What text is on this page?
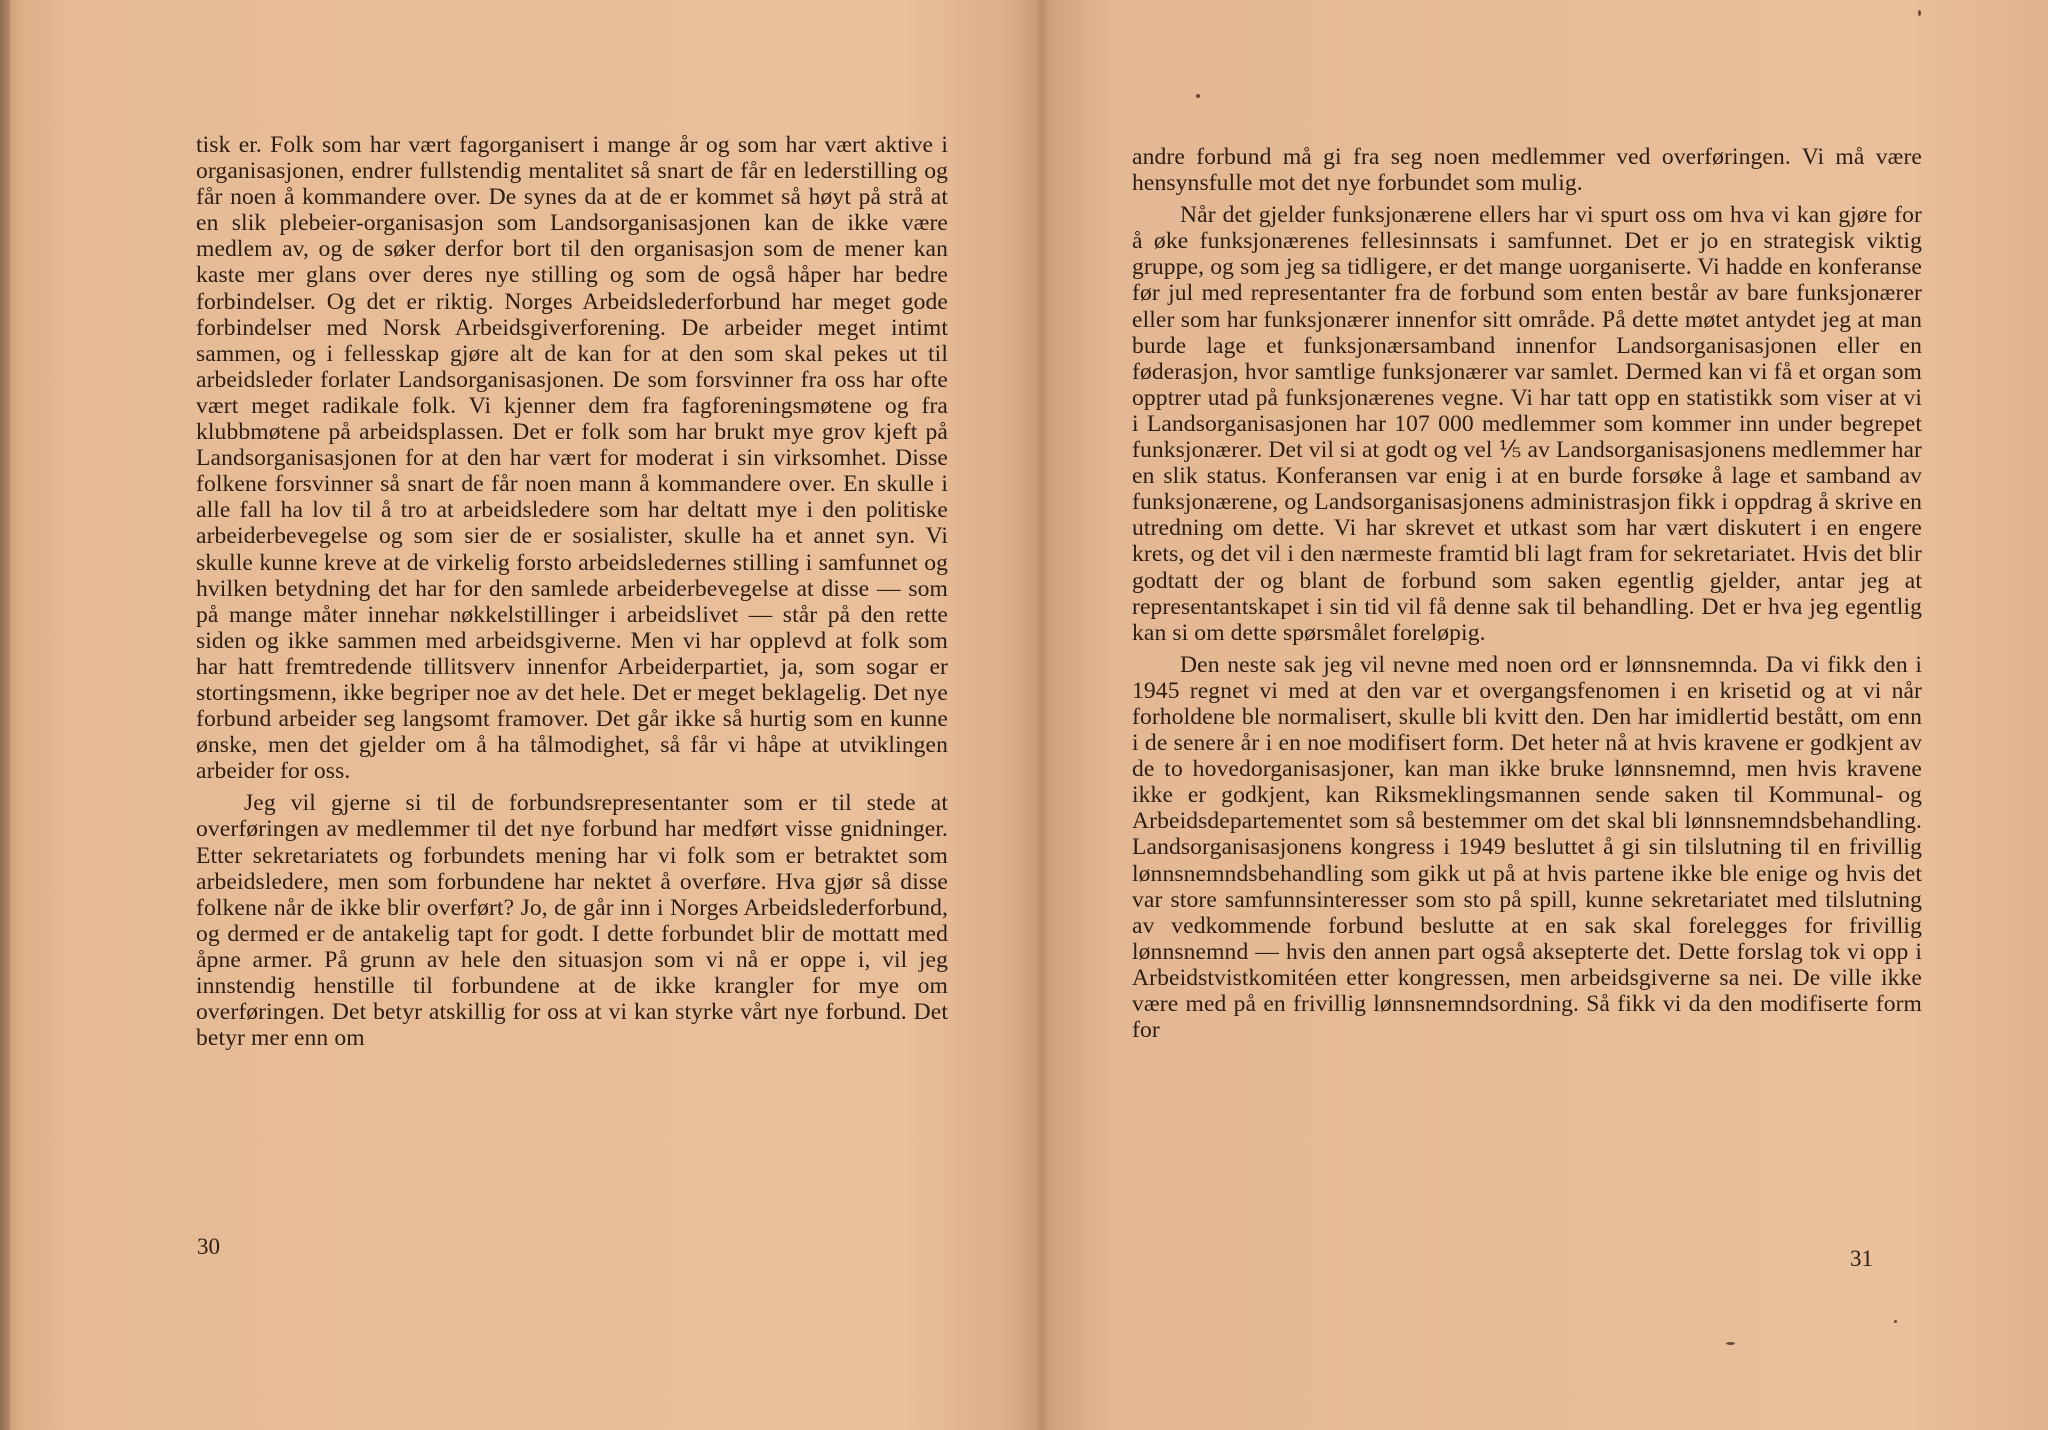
tisk er. Folk som har vært fagorganisert i mange år og som har vært aktive i organisasjonen, endrer fullstendig mentalitet så snart de får en lederstilling og får noen å kommandere over. De synes da at de er kommet så høyt på strå at en slik plebeier-organisasjon som Landsorganisasjonen kan de ikke være medlem av, og de søker derfor bort til den organisasjon som de mener kan kaste mer glans over deres nye stilling og som de også håper har bedre forbindelser. Og det er riktig. Norges Arbeidslederforbund har meget gode forbindelser med Norsk Arbeidsgiverforening. De arbeider meget intimt sammen, og i fellesskap gjøre alt de kan for at den som skal pekes ut til arbeidsleder forlater Landsorganisasjonen. De som forsvinner fra oss har ofte vært meget radikale folk. Vi kjenner dem fra fagforeningsmøtene og fra klubbmøtene på arbeidsplassen. Det er folk som har brukt mye grov kjeft på Landsorganisasjonen for at den har vært for moderat i sin virksomhet. Disse folkene forsvinner så snart de får noen mann å kommandere over. En skulle i alle fall ha lov til å tro at arbeidsledere som har deltatt mye i den politiske arbeiderbevegelse og som sier de er sosialister, skulle ha et annet syn. Vi skulle kunne kreve at de virkelig forsto arbeidsledernes stilling i samfunnet og hvilken betydning det har for den samlede arbeiderbevegelse at disse — som på mange måter innehar nøkkelstillinger i arbeidslivet — står på den rette siden og ikke sammen med arbeidsgiverne. Men vi har opplevd at folk som har hatt fremtredende tillitsverv innenfor Arbeiderpartiet, ja, som sogar er stortingsmenn, ikke begriper noe av det hele. Det er meget beklagelig. Det nye forbund arbeider seg langsomt framover. Det går ikke så hurtig som en kunne ønske, men det gjelder om å ha tålmodighet, så får vi håpe at utviklingen arbeider for oss.

Jeg vil gjerne si til de forbundsrepresentanter som er til stede at overføringen av medlemmer til det nye forbund har medført visse gnidninger. Etter sekretariatets og forbundets mening har vi folk som er betraktet som arbeidsledere, men som forbundene har nektet å overføre. Hva gjør så disse folkene når de ikke blir overført? Jo, de går inn i Norges Arbeidslederforbund, og dermed er de antakelig tapt for godt. I dette forbundet blir de mottatt med åpne armer. På grunn av hele den situasjon som vi nå er oppe i, vil jeg innstendig henstille til forbundene at de ikke krangler for mye om overføringen. Det betyr atskillig for oss at vi kan styrke vårt nye forbund. Det betyr mer enn om

30

andre forbund må gi fra seg noen medlemmer ved overføringen. Vi må være hensynsfulle mot det nye forbundet som mulig.

Når det gjelder funksjonærene ellers har vi spurt oss om hva vi kan gjøre for å øke funksjonærenes fellesinnsats i samfunnet. Det er jo en strategisk viktig gruppe, og som jeg sa tidligere, er det mange uorganiserte. Vi hadde en konferanse før jul med representanter fra de forbund som enten består av bare funksjonærer eller som har funksjonærer innenfor sitt område. På dette møtet antydet jeg at man burde lage et funksjonærsamband innenfor Landsorganisasjonen eller en føderasjon, hvor samtlige funksjonærer var samlet. Dermed kan vi få et organ som opptrer utad på funksjonærenes vegne. Vi har tatt opp en statistikk som viser at vi i Landsorganisasjonen har 107 000 medlemmer som kommer inn under begrepet funksjonærer. Det vil si at godt og vel ⅕ av Landsorganisasjonens medlemmer har en slik status. Konferansen var enig i at en burde forsøke å lage et samband av funksjonærene, og Landsorganisasjonens administrasjon fikk i oppdrag å skrive en utredning om dette. Vi har skrevet et utkast som har vært diskutert i en engere krets, og det vil i den nærmeste framtid bli lagt fram for sekretariatet. Hvis det blir godtatt der og blant de forbund som saken egentlig gjelder, antar jeg at representantskapet i sin tid vil få denne sak til behandling. Det er hva jeg egentlig kan si om dette spørsmålet foreløpig.

Den neste sak jeg vil nevne med noen ord er lønnsnemnda. Da vi fikk den i 1945 regnet vi med at den var et overgangsfenomen i en krisetid og at vi når forholdene ble normalisert, skulle bli kvitt den. Den har imidlertid bestått, om enn i de senere år i en noe modifisert form. Det heter nå at hvis kravene er godkjent av de to hovedorganisasjoner, kan man ikke bruke lønnsnemnd, men hvis kravene ikke er godkjent, kan Riksmeklingsmannen sende saken til Kommunal- og Arbeidsdepartementet som så bestemmer om det skal bli lønnsnemndsbehandling. Landsorganisasjonens kongress i 1949 besluttet å gi sin tilslutning til en frivillig lønnsnemndsbehandling som gikk ut på at hvis partene ikke ble enige og hvis det var store samfunnsinteresser som sto på spill, kunne sekretariatet med tilslutning av vedkommende forbund beslutte at en sak skal forelegges for frivillig lønnsnemnd — hvis den annen part også aksepterte det. Dette forslag tok vi opp i Arbeidstvistkomitéen etter kongressen, men arbeidsgiverne sa nei. De ville ikke være med på en frivillig lønnsnemndsordning. Så fikk vi da den modifiserte form for

31
